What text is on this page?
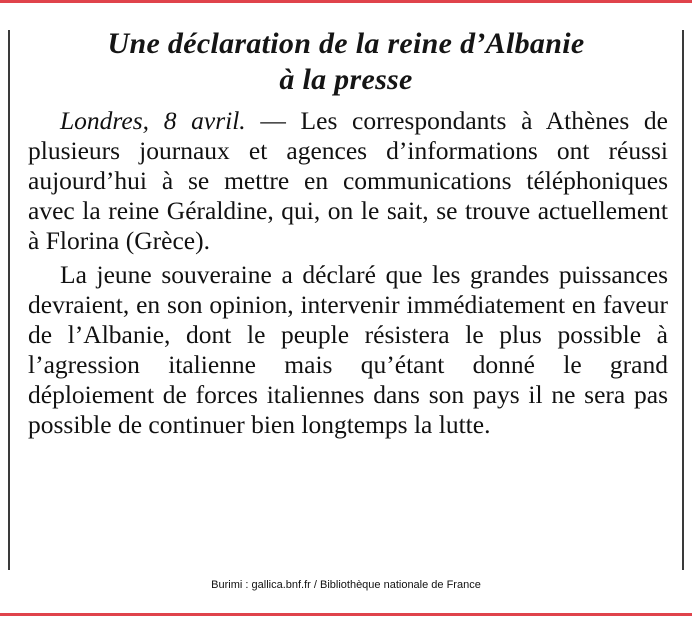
Une déclaration de la reine d’Albanie
à la presse

Londres, 8 avril. — Les correspondants à Athènes de plusieurs journaux et agences d’informations ont réussi aujourd’hui à se mettre en communications téléphoniques avec la reine Géraldine, qui, on le sait, se trouve actuellement à Florina (Grèce).

La jeune souveraine a déclaré que les grandes puissances devraient, en son opinion, intervenir immédiatement en faveur de l’Albanie, dont le peuple résistera le plus possible à l’agression italienne mais qu’étant donné le grand déploiement de forces italiennes dans son pays il ne sera pas possible de continuer bien longtemps la lutte.

Burimi : gallica.bnf.fr / Bibliothèque nationale de France
